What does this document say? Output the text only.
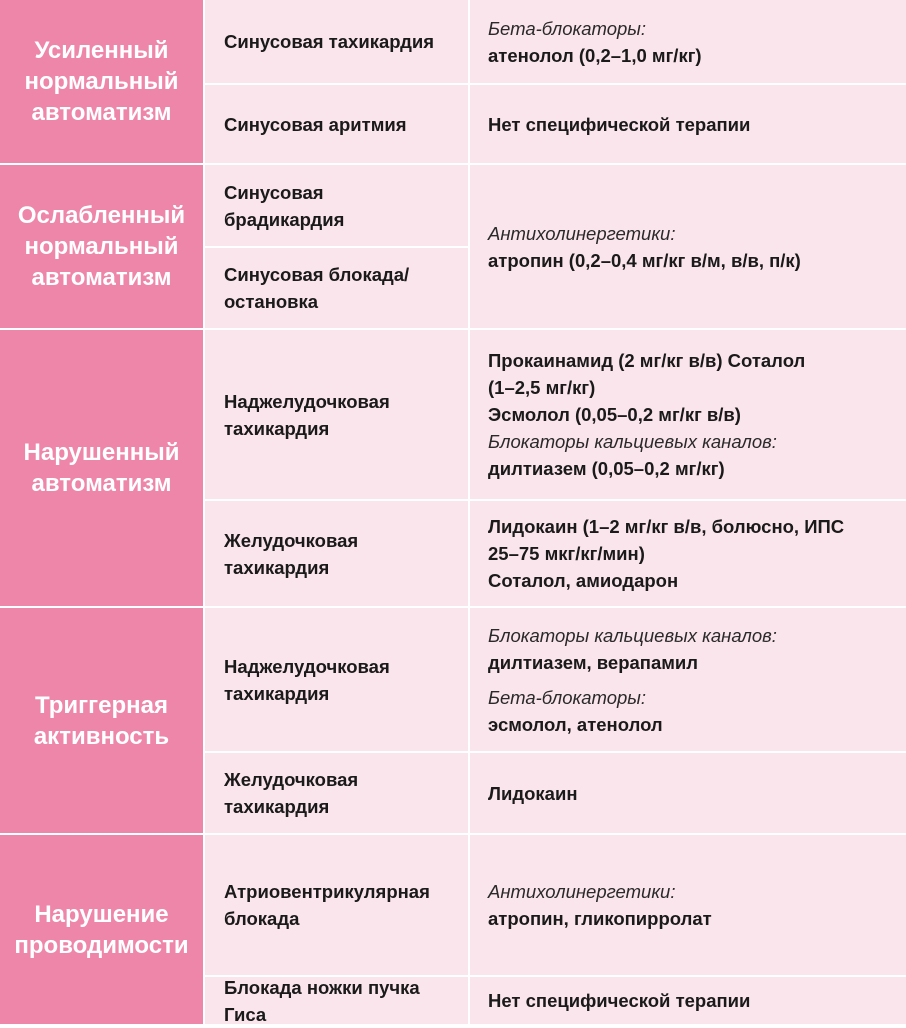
Усиленный
нормальный
автоматизм
Синусовая тахикардия
Бета-блокаторы:
атенолол (0,2–1,0 мг/кг)
Синусовая аритмия	Нет специфической терапии
Ослабленный
нормальный
автоматизм
Синусовая
брадикардия
Синусовая блокада/
остановка
Антихолинергетики:
атропин (0,2–0,4 мг/кг в/м, в/в, п/к)
Нарушенный
автоматизм
Наджелудочковая
тахикардия
Прокаинамид (2 мг/кг в/в) Соталол
(1–2,5 мг/кг)
Эсмолол (0,05–0,2 мг/кг в/в)
Блокаторы кальциевых каналов:
дилтиазем (0,05–0,2 мг/кг)
Желудочковая
тахикардия
Лидокаин (1–2 мг/кг в/в, болюсно, ИПС
25–75 мкг/кг/мин)
Соталол, амиодарон
Триггерная
активность
Наджелудочковая
тахикардия
Блокаторы кальциевых каналов:
дилтиазем, верапамил
Бета-блокаторы:
эсмолол, атенолол
Желудочковая
тахикардия
Лидокаин
Нарушение
проводимости
Атриовентрикулярная
блокада
Антихолинергетики:
атропин, гликопирролат
Блокада ножки пучка
Гиса
Нет специфической терапии
